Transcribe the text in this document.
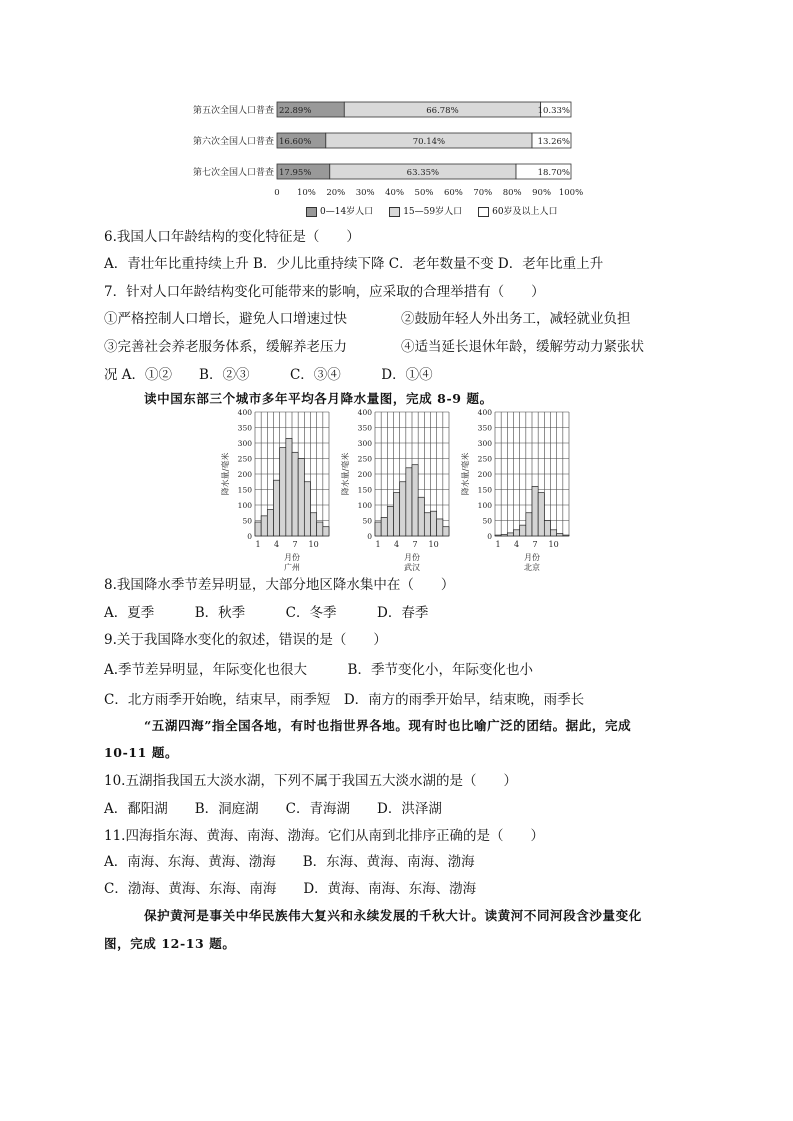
第五次全国人口普查 22.89%	66.78%	10.33%
第六次全国人口普查 16.60%	70.14%	13.26%
第七次全国人口普查 17.95%	63.35%	18.70%
0 10% 20% 30% 40% 50% 60% 70% 80% 90% 100%
0—14岁人口	15—59岁人口	60岁及以上人口
0
50
100
150
200
250
300
350
400
1 4 7 10
月份
广州
降水量/毫米
0
50
100
150
200
250
300
350
400
1 4 7 10
月份
武汉
降水量/毫米
0
50
100
150
200
250
300
350
400
1 4 7 10
月份
北京
降水量/毫米
6.我国人口年龄结构的变化特征是（　　）
A．青壮年比重持续上升 B．少儿比重持续下降 C．老年数量不变 D．老年比重上升
7．针对人口年龄结构变化可能带来的影响，应采取的合理举措有（　　）
①严格控制人口增长，避免人口增速过快　　　　②鼓励年轻人外出务工，减轻就业负担
③完善社会养老服务体系，缓解养老压力　　　　④适当延长退休年龄，缓解劳动力紧张状
况 A．①②　　B．②③　　　C．③④　　　D．①④
读中国东部三个城市多年平均各月降水量图，完成 8-9 题。
8.我国降水季节差异明显，大部分地区降水集中在（　　）
A．夏季　　　B．秋季　　　C．冬季　　　D．春季
9.关于我国降水变化的叙述，错误的是（　　）
A.季节差异明显，年际变化也很大　　　B．季节变化小，年际变化也小
C．北方雨季开始晚，结束早，雨季短　D．南方的雨季开始早，结束晚，雨季长
“五湖四海”指全国各地，有时也指世界各地。现有时也比喻广泛的团结。据此，完成
10-11 题。
10.五湖指我国五大淡水湖，下列不属于我国五大淡水湖的是（　　）
A．鄱阳湖　　B．洞庭湖　　C．青海湖　　D．洪泽湖
11.四海指东海、黄海、南海、渤海。它们从南到北排序正确的是（　　）
A．南海、东海、黄海、渤海　　B．东海、黄海、南海、渤海
C．渤海、黄海、东海、南海　　D．黄海、南海、东海、渤海
保护黄河是事关中华民族伟大复兴和永续发展的千秋大计。读黄河不同河段含沙量变化
图，完成 12-13 题。
